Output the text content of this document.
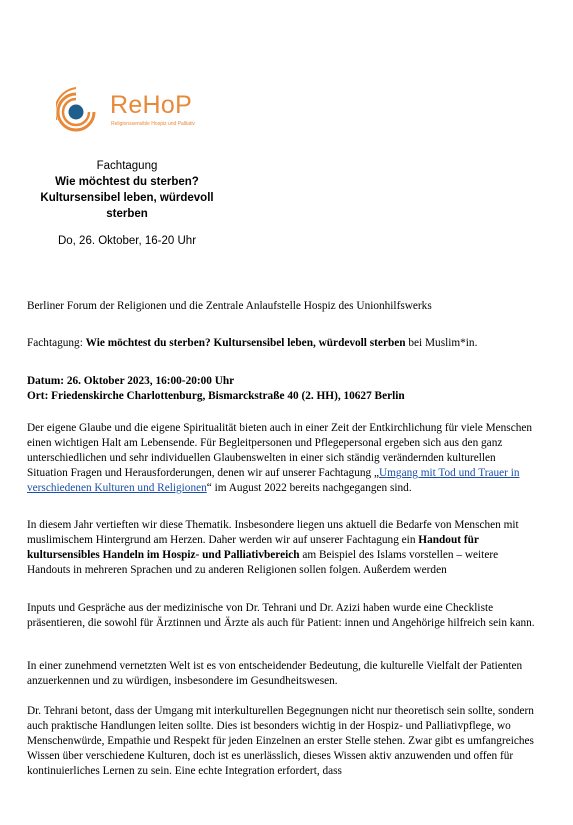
ReHoP
Religionssensible Hospiz und Palliativ
Fachtagung
Wie möchtest du sterben?
Kultursensibel leben, würdevoll
sterben
Do, 26. Oktober, 16-20 Uhr

Berliner Forum der Religionen und die Zentrale Anlaufstelle Hospiz des Unionhilfswerks

Fachtagung: Wie möchtest du sterben? Kultursensibel leben, würdevoll sterben bei Muslim*in.

Datum: 26. Oktober 2023, 16:00-20:00 Uhr

Ort: Friedenskirche Charlottenburg, Bismarckstraße 40 (2. HH), 10627 Berlin

Der eigene Glaube und die eigene Spiritualität bieten auch in einer Zeit der Entkirchlichung für viele Menschen einen wichtigen Halt am Lebensende. Für Begleitpersonen und Pflegepersonal ergeben sich aus den ganz unterschiedlichen und sehr individuellen Glaubenswelten in einer sich ständig verändernden kulturellen Situation Fragen und Herausforderungen, denen wir auf unserer Fachtagung „Umgang mit Tod und Trauer in verschiedenen Kulturen und Religionen“ im August 2022 bereits nachgegangen sind.

In diesem Jahr vertieften wir diese Thematik. Insbesondere liegen uns aktuell die Bedarfe von Menschen mit muslimischem Hintergrund am Herzen. Daher werden wir auf unserer Fachtagung ein Handout für kultursensibles Handeln im Hospiz- und Palliativbereich am Beispiel des Islams vorstellen – weitere Handouts in mehreren Sprachen und zu anderen Religionen sollen folgen. Außerdem werden

Inputs und Gespräche aus der medizinische von Dr. Tehrani und Dr. Azizi haben wurde eine Checkliste präsentieren, die sowohl für Ärztinnen und Ärzte als auch für Patient: innen und Angehörige hilfreich sein kann.

In einer zunehmend vernetzten Welt ist es von entscheidender Bedeutung, die kulturelle Vielfalt der Patienten anzuerkennen und zu würdigen, insbesondere im Gesundheitswesen.

Dr. Tehrani betont, dass der Umgang mit interkulturellen Begegnungen nicht nur theoretisch sein sollte, sondern auch praktische Handlungen leiten sollte. Dies ist besonders wichtig in der Hospiz- und Palliativpflege, wo Menschenwürde, Empathie und Respekt für jeden Einzelnen an erster Stelle stehen. Zwar gibt es umfangreiches Wissen über verschiedene Kulturen, doch ist es unerlässlich, dieses Wissen aktiv anzuwenden und offen für kontinuierliches Lernen zu sein. Eine echte Integration erfordert, dass
